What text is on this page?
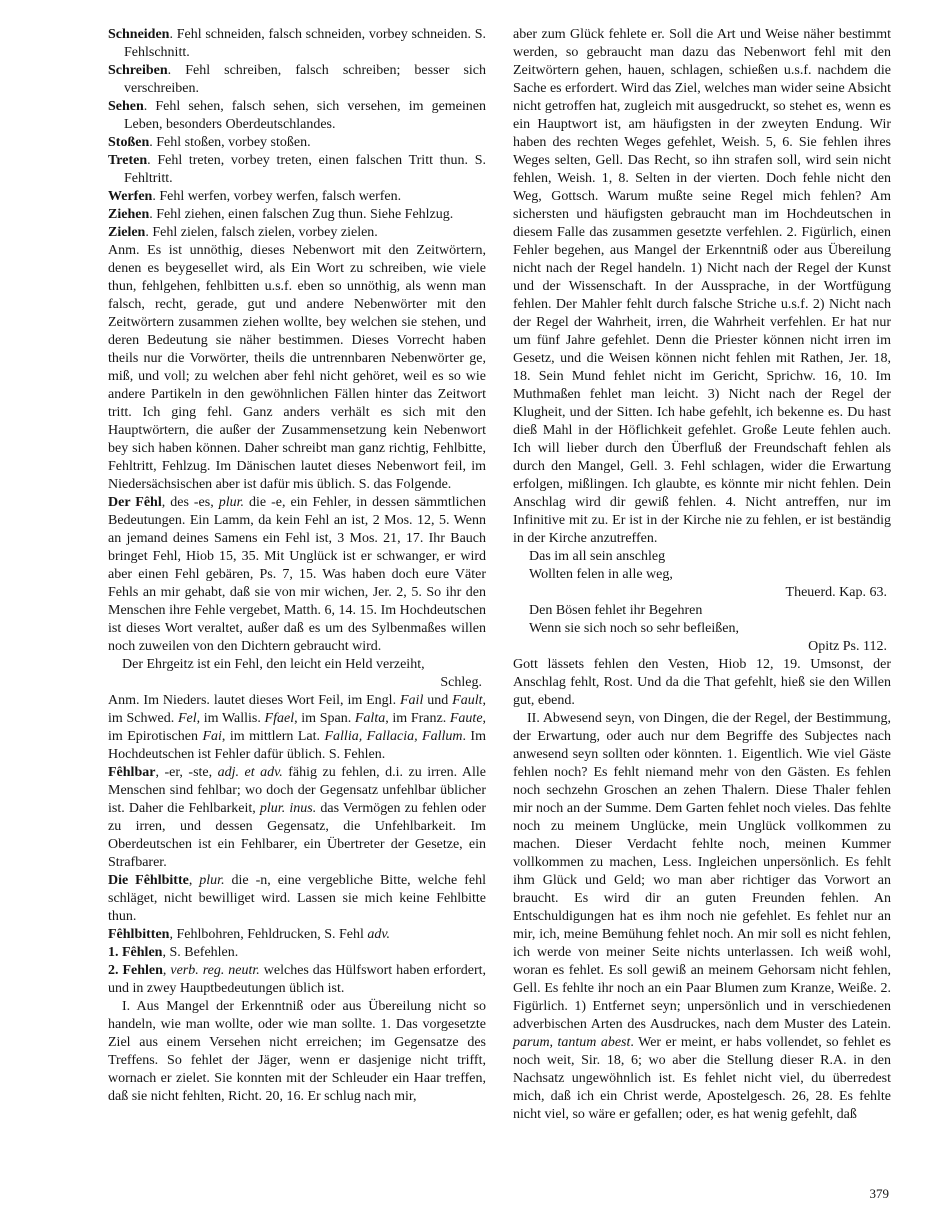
Schneiden. Fehl schneiden, falsch schneiden, vorbey schneiden. S. Fehlschnitt.

Schreiben. Fehl schreiben, falsch schreiben; besser sich verschreiben.

Sehen. Fehl sehen, falsch sehen, sich versehen, im gemeinen Leben, besonders Oberdeutschlandes.

Stoßen. Fehl stoßen, vorbey stoßen.

Treten. Fehl treten, vorbey treten, einen falschen Tritt thun. S. Fehltritt.

Werfen. Fehl werfen, vorbey werfen, falsch werfen.

Ziehen. Fehl ziehen, einen falschen Zug thun. Siehe Fehlzug.

Zielen. Fehl zielen, falsch zielen, vorbey zielen.

Anm. Es ist unnöthig, dieses Nebenwort mit den Zeitwörtern, denen es beygesellet wird, als Ein Wort zu schreiben, wie viele thun, fehlgehen, fehlbitten u.s.f. eben so unnöthig, als wenn man falsch, recht, gerade, gut und andere Nebenwörter mit den Zeitwörtern zusammen ziehen wollte, bey welchen sie stehen, und deren Bedeutung sie näher bestimmen. Dieses Vorrecht haben theils nur die Vorwörter, theils die untrennbaren Nebenwörter ge, miß, und voll; zu welchen aber fehl nicht gehöret, weil es so wie andere Partikeln in den gewöhnlichen Fällen hinter das Zeitwort tritt. Ich ging fehl. Ganz anders verhält es sich mit den Hauptwörtern, die außer der Zusammensetzung kein Nebenwort bey sich haben können. Daher schreibt man ganz richtig, Fehlbitte, Fehltritt, Fehlzug. Im Dänischen lautet dieses Nebenwort feil, im Niedersächsischen aber ist dafür mis üblich. S. das Folgende.

Der Fêhl, des -es, plur. die -e, ein Fehler, in dessen sämmtlichen Bedeutungen. Ein Lamm, da kein Fehl an ist, 2 Mos. 12, 5. Wenn an jemand deines Samens ein Fehl ist, 3 Mos. 21, 17. Ihr Bauch bringet Fehl, Hiob 15, 35. Mit Unglück ist er schwanger, er wird aber einen Fehl gebären, Ps. 7, 15. Was haben doch eure Väter Fehls an mir gehabt, daß sie von mir wichen, Jer. 2, 5. So ihr den Menschen ihre Fehle vergebet, Matth. 6, 14. 15. Im Hochdeutschen ist dieses Wort veraltet, außer daß es um des Sylbenmaßes willen noch zuweilen von den Dichtern gebraucht wird.

Der Ehrgeitz ist ein Fehl, den leicht ein Held verzeiht,

Schleg.

Anm. Im Nieders. lautet dieses Wort Feil, im Engl. Fail und Fault, im Schwed. Fel, im Wallis. Ffael, im Span. Falta, im Franz. Faute, im Epirotischen Fai, im mittlern Lat. Fallia, Fallacia, Fallum. Im Hochdeutschen ist Fehler dafür üblich. S. Fehlen.

Fêhlbar, -er, -ste, adj. et adv. fähig zu fehlen, d.i. zu irren. Alle Menschen sind fehlbar; wo doch der Gegensatz unfehlbar üblicher ist. Daher die Fehlbarkeit, plur. inus. das Vermögen zu fehlen oder zu irren, und dessen Gegensatz, die Unfehlbarkeit. Im Oberdeutschen ist ein Fehlbarer, ein Übertreter der Gesetze, ein Strafbarer.

Die Fêhlbitte, plur. die -n, eine vergebliche Bitte, welche fehl schläget, nicht bewilliget wird. Lassen sie mich keine Fehlbitte thun.

Fêhlbitten, Fehlbohren, Fehldrucken, S. Fehl adv.

1. Fêhlen, S. Befehlen.

2. Fehlen, verb. reg. neutr. welches das Hülfswort haben erfordert, und in zwey Hauptbedeutungen üblich ist.

I. Aus Mangel der Erkenntniß oder aus Übereilung nicht so handeln, wie man wollte, oder wie man sollte. 1. Das vorgesetzte Ziel aus einem Versehen nicht erreichen; im Gegensatze des Treffens. So fehlet der Jäger, wenn er dasjenige nicht trifft, wornach er zielet. Sie konnten mit der Schleuder ein Haar treffen, daß sie nicht fehlten, Richt. 20, 16. Er schlug nach mir,

aber zum Glück fehlete er. Soll die Art und Weise näher bestimmt werden, so gebraucht man dazu das Nebenwort fehl mit den Zeitwörtern gehen, hauen, schlagen, schießen u.s.f. nachdem die Sache es erfordert. Wird das Ziel, welches man wider seine Absicht nicht getroffen hat, zugleich mit ausgedruckt, so stehet es, wenn es ein Hauptwort ist, am häufigsten in der zweyten Endung. Wir haben des rechten Weges gefehlet, Weish. 5, 6. Sie fehlen ihres Weges selten, Gell. Das Recht, so ihn strafen soll, wird sein nicht fehlen, Weish. 1, 8. Selten in der vierten. Doch fehle nicht den Weg, Gottsch. Warum mußte seine Regel mich fehlen? Am sichersten und häufigsten gebraucht man im Hochdeutschen in diesem Falle das zusammen gesetzte verfehlen. 2. Figürlich, einen Fehler begehen, aus Mangel der Erkenntniß oder aus Übereilung nicht nach der Regel handeln. 1) Nicht nach der Regel der Kunst und der Wissenschaft. In der Aussprache, in der Wortfügung fehlen. Der Mahler fehlt durch falsche Striche u.s.f. 2) Nicht nach der Regel der Wahrheit, irren, die Wahrheit verfehlen. Er hat nur um fünf Jahre gefehlet. Denn die Priester können nicht irren im Gesetz, und die Weisen können nicht fehlen mit Rathen, Jer. 18, 18. Sein Mund fehlet nicht im Gericht, Sprichw. 16, 10. Im Muthmaßen fehlet man leicht. 3) Nicht nach der Regel der Klugheit, und der Sitten. Ich habe gefehlt, ich bekenne es. Du hast dieß Mahl in der Höflichkeit gefehlet. Große Leute fehlen auch. Ich will lieber durch den Überfluß der Freundschaft fehlen als durch den Mangel, Gell. 3. Fehl schlagen, wider die Erwartung erfolgen, mißlingen. Ich glaubte, es könnte mir nicht fehlen. Dein Anschlag wird dir gewiß fehlen. 4. Nicht antreffen, nur im Infinitive mit zu. Er ist in der Kirche nie zu fehlen, er ist beständig in der Kirche anzutreffen.

Das im all sein anschleg

Wollten felen in alle weg,

Theuerd. Kap. 63.

Den Bösen fehlet ihr Begehren

Wenn sie sich noch so sehr befleißen,

Opitz Ps. 112.

Gott lässets fehlen den Vesten, Hiob 12, 19. Umsonst, der Anschlag fehlt, Rost. Und da die That gefehlt, hieß sie den Willen gut, ebend.

II. Abwesend seyn, von Dingen, die der Regel, der Bestimmung, der Erwartung, oder auch nur dem Begriffe des Subjectes nach anwesend seyn sollten oder könnten. 1. Eigentlich. Wie viel Gäste fehlen noch? Es fehlt niemand mehr von den Gästen. Es fehlen noch sechzehn Groschen an zehen Thalern. Diese Thaler fehlen mir noch an der Summe. Dem Garten fehlet noch vieles. Das fehlte noch zu meinem Unglücke, mein Unglück vollkommen zu machen. Dieser Verdacht fehlte noch, meinen Kummer vollkommen zu machen, Less. Ingleichen unpersönlich. Es fehlt ihm Glück und Geld; wo man aber richtiger das Vorwort an braucht. Es wird dir an guten Freunden fehlen. An Entschuldigungen hat es ihm noch nie gefehlet. Es fehlet nur an mir, ich, meine Bemühung fehlet noch. An mir soll es nicht fehlen, ich werde von meiner Seite nichts unterlassen. Ich weiß wohl, woran es fehlet. Es soll gewiß an meinem Gehorsam nicht fehlen, Gell. Es fehlte ihr noch an ein Paar Blumen zum Kranze, Weiße. 2. Figürlich. 1) Entfernet seyn; unpersönlich und in verschiedenen adverbischen Arten des Ausdruckes, nach dem Muster des Latein. parum, tantum abest. Wer er meint, er habs vollendet, so fehlet es noch weit, Sir. 18, 6; wo aber die Stellung dieser R.A. in den Nachsatz ungewöhnlich ist. Es fehlet nicht viel, du überredest mich, daß ich ein Christ werde, Apostelgesch. 26, 28. Es fehlte nicht viel, so wäre er gefallen; oder, es hat wenig gefehlt, daß

379
